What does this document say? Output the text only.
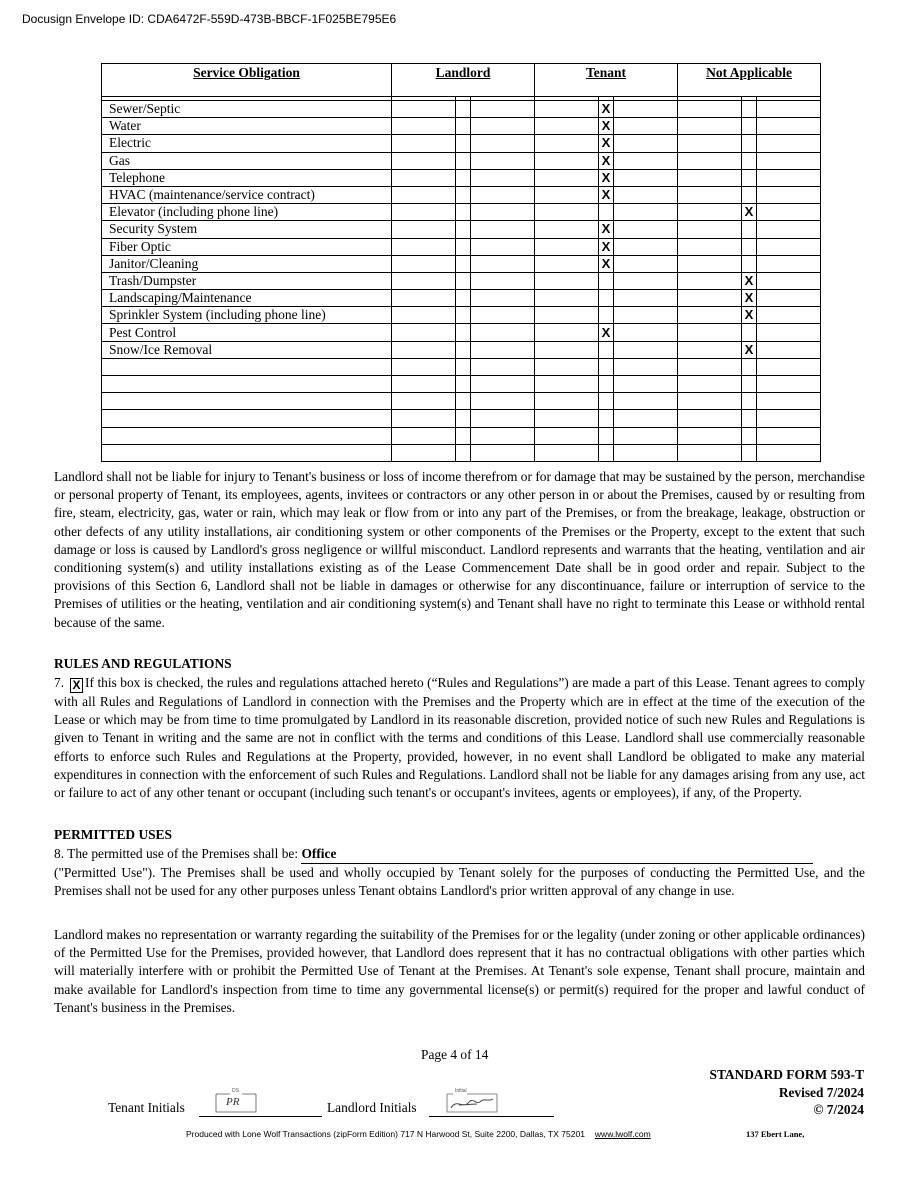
Docusign Envelope ID: CDA6472F-559D-473B-BBCF-1F025BE795E6
Service Obligation	Landlord			Tenant			Not Applicable		

Sewer/Septic					X				
Water					X				
Electric					X				
Gas					X				
Telephone					X				
HVAC (maintenance/service contract)					X				
Elevator (including phone line)								X	
Security System					X				
Fiber Optic					X				
Janitor/Cleaning					X				
Trash/Dumpster								X	
Landscaping/Maintenance								X	
Sprinkler System (including phone line)								X	
Pest Control					X				
Snow/Ice Removal								X	

Landlord shall not be liable for injury to Tenant's business or loss of income therefrom or for damage that may be sustained by the person, merchandise or personal property of Tenant, its employees, agents, invitees or contractors or any other person in or about the Premises, caused by or resulting from fire, steam, electricity, gas, water or rain, which may leak or flow from or into any part of the Premises, or from the breakage, leakage, obstruction or other defects of any utility installations, air conditioning system or other components of the Premises or the Property, except to the extent that such damage or loss is caused by Landlord's gross negligence or willful misconduct. Landlord represents and warrants that the heating, ventilation and air conditioning system(s) and utility installations existing as of the Lease Commencement Date shall be in good order and repair. Subject to the provisions of this Section 6, Landlord shall not be liable in damages or otherwise for any discontinuance, failure or interruption of service to the Premises of utilities or the heating, ventilation and air conditioning system(s) and Tenant shall have no right to terminate this Lease or withhold rental because of the same.

RULES AND REGULATIONS

7. X If this box is checked, the rules and regulations attached hereto (“Rules and Regulations”) are made a part of this Lease. Tenant agrees to comply with all Rules and Regulations of Landlord in connection with the Premises and the Property which are in effect at the time of the execution of the Lease or which may be from time to time promulgated by Landlord in its reasonable discretion, provided notice of such new Rules and Regulations is given to Tenant in writing and the same are not in conflict with the terms and conditions of this Lease. Landlord shall use commercially reasonable efforts to enforce such Rules and Regulations at the Property, provided, however, in no event shall Landlord be obligated to make any material expenditures in connection with the enforcement of such Rules and Regulations. Landlord shall not be liable for any damages arising from any use, act or failure to act of any other tenant or occupant (including such tenant's or occupant's invitees, agents or employees), if any, of the Property.

PERMITTED USES

8. The permitted use of the Premises shall be: Office
("Permitted Use"). The Premises shall be used and wholly occupied by Tenant solely for the purposes of conducting the Permitted Use, and the Premises shall not be used for any other purposes unless Tenant obtains Landlord's prior written approval of any change in use.

Landlord makes no representation or warranty regarding the suitability of the Premises for or the legality (under zoning or other applicable ordinances) of the Permitted Use for the Premises, provided however, that Landlord does represent that it has no contractual obligations with other parties which will materially interfere with or prohibit the Permitted Use of Tenant at the Premises. At Tenant's sole expense, Tenant shall procure, maintain and make available for Landlord's inspection from time to time any governmental license(s) or permit(s) required for the proper and lawful conduct of Tenant's business in the Premises.

Page 4 of 14
STANDARD FORM 593-T
Revised 7/2024
© 7/2024
Tenant Initials
DS
PR	Landlord Initials
Initial
Produced with Lone Wolf Transactions (zipForm Edition) 717 N Harwood St, Suite 2200, Dallas, TX 75201 www.lwolf.com	137 Ebert Lane,
